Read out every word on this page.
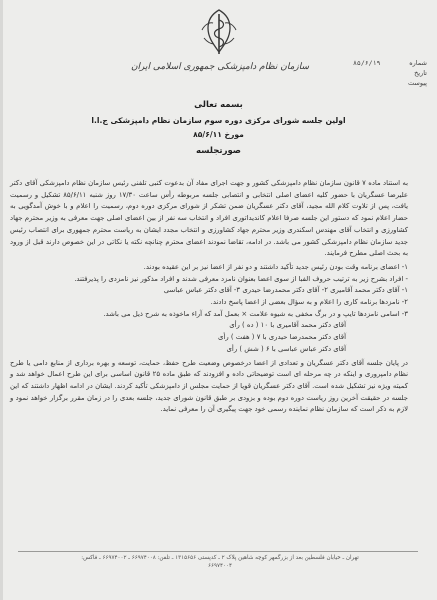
سازمان نظام دامپزشکی جمهوری اسلامی ایران	شماره
۸۵/۶/۱۹
تاریخ
پیوست
بسمه تعالی
اولین جلسه شورای مرکزی دوره سوم سازمان نظام دامپزشکی ج.ا.ا
مورخ ۸۵/۶/۱۱
صورتجلسه

به استناد ماده ۷ قانون سازمان نظام دامپزشکی کشور و جهت اجرای مفاد آن بدعوت کتبی تلفنی رئیس سازمان نظام دامپزشکی آقای دکتر علیرضا عسگریان با حضور کلیه اعضای اصلی انتخابی و انتصابی جلسه مربوطه رأس ساعت ۱۷/۳۰ روز شنبه ۸۵/۶/۱۱ تشکیل و رسمیت یافت، پس از تلاوت کلام الله مجید، آقای دکتر عسگریان ضمن تشکر از شورای مرکزی دوره دوم، رسمیت را اعلام و با خوش آمدگویی به حضار اعلام نمود که دستور این جلسه صرفا اعلام کاندیداتوری افراد و انتخاب سه نفر از بین اعضای اصلی جهت معرفی به وزیر محترم جهاد کشاورزی و انتخاب آقای مهندس اسکندری وزیر محترم جهاد کشاورزی و انتخاب مجدد ایشان به ریاست محترم جمهوری برای انتصاب رئیس جدید سازمان نظام دامپزشکی کشور می باشد. در ادامه، تقاضا نمودند اعضای محترم چنانچه نکته یا نکاتی در این خصوص دارند قبل از ورود به بحث اصلی مطرح فرمایند.

۱- اعضای برنامه وقت بودن رئیس جدید تأکید داشتند و دو نفر از اعضا نیز بر این عقیده بودند.

- افراد بشرح زیر به ترتیب حروف الفبا از سوی اعضا بعنوان نامزد معرفی شدند و افراد مذکور نیز نامزدی را پذیرفتند.

۱- آقای دکتر محمد آقامیری ۲- آقای دکتر محمدرضا حیدری ۳- آقای دکتر عباس عباسی

۲- نامزدها برنامه کاری را اعلام و به سؤال بعضی از اعضا پاسخ دادند.

۳- اسامی نامزدها تایپ و در برگ مخفی به شیوه علامت × بعمل آمد که آراء ماخوذه به شرح ذیل می باشد.

آقای دکتر محمد آقامیری با ۱۰ ( ده ) رأی

آقای دکتر محمدرضا حیدری با ۷ ( هفت ) رأی

آقای دکتر عباس عباسی با ۶ ( شش ) رأی

در پایان جلسه آقای دکتر عسگریان و تعدادی از اعضا درخصوص وضعیت طرح حفظ، حمایت، توسعه و بهره برداری از منابع دامی یا طرح نظام دامپروری و اینکه در چه مرحله ای است توضیحاتی داده و افزودند که طبق ماده ۲۵ قانون اساسی برای این طرح اعمال خواهد شد و کمیته ویژه نیز تشکیل شده است. آقای دکتر عسگریان قویا از حمایت مجلس از دامپزشکی تأکید کردند. ایشان در ادامه اظهار داشتند که این جلسه در حقیقت آخرین روز ریاست دوره دوم بوده و بزودی بر طبق قانون شورای جدید، جلسه بعدی را در زمان مقرر برگزار خواهد نمود و لازم به ذکر است که سازمان نظام نماینده رسمی خود جهت پیگیری آن را معرفی نماید.

تهران ـ خیابان فلسطین بعد از بزرگمهر کوچه شاهین پلاک ۲ ـ کدپستی ۱۳۱۵۶۵۶ ـ تلفن: ۶۶۹۷۴۰۰۸ ـ ۶۶۹۷۴۰۰۲ ـ فاکس: ۶۶۹۷۴۰۰۴
